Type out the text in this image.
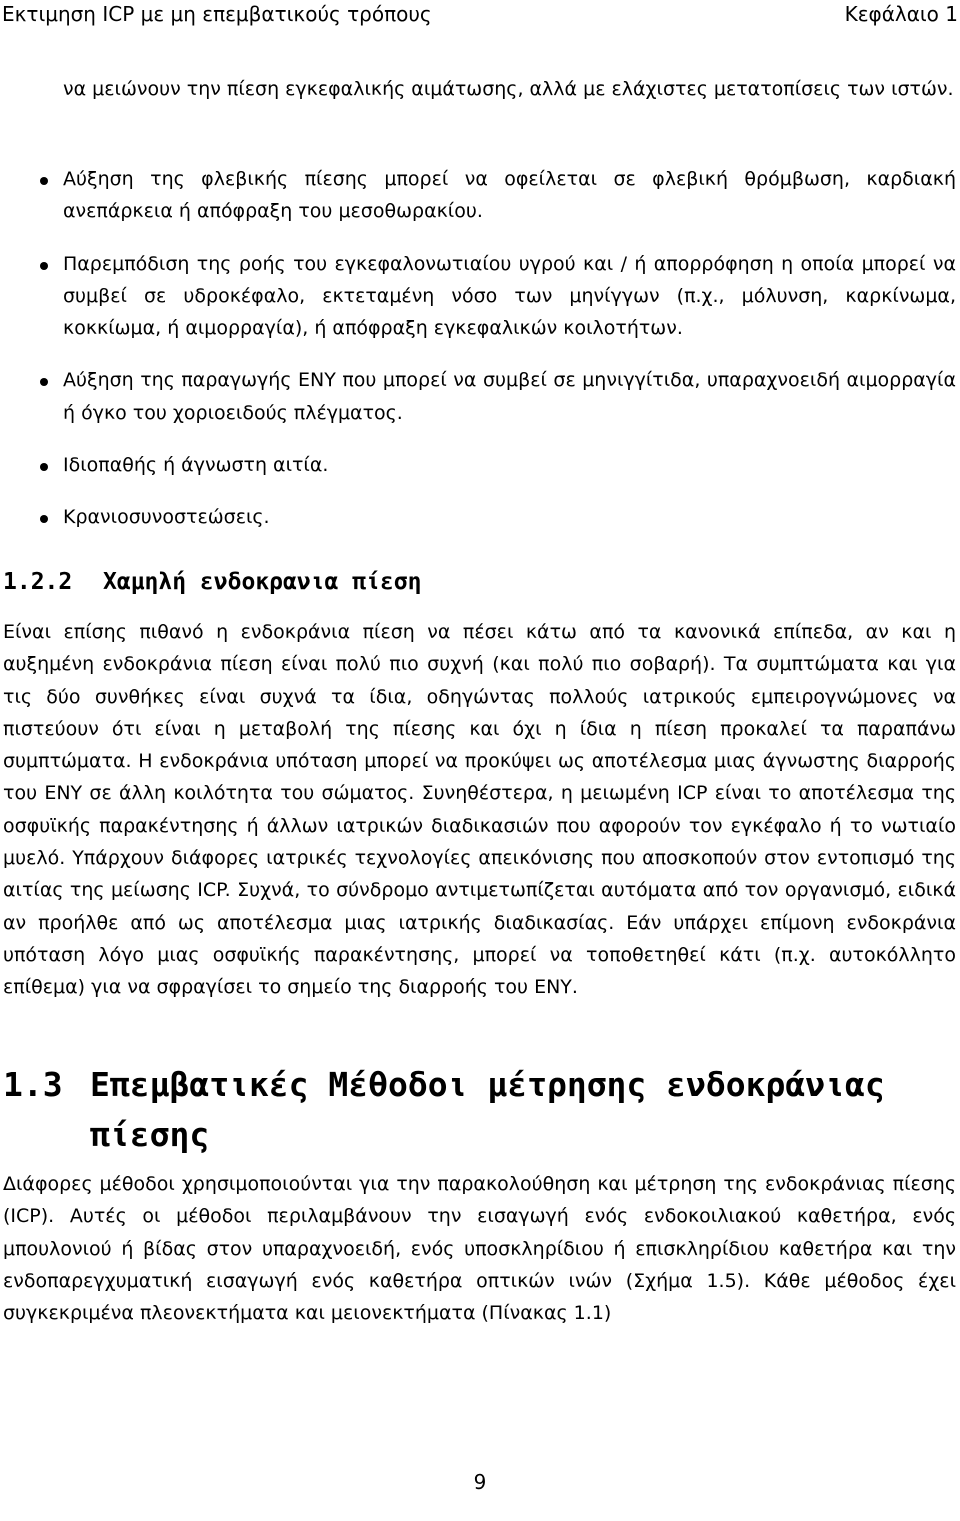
Εκτιμηση ICP με μη επεμβατικούς τρόπους	Κεφάλαιο 1

να μειώνουν την πίεση εγκεφαλικής αιμάτωσης, αλλά με ελάχιστες μετατοπίσεις των ιστών.

Αύξηση της φλεβικής πίεσης μπορεί να οφείλεται σε φλεβική θρόμβωση, καρδιακή ανεπάρκεια ή απόφραξη του μεσοθωρακίου.
Παρεμπόδιση της ροής του εγκεφαλονωτιαίου υγρού και / ή απορρόφηση η οποία μπορεί να συμβεί σε υδροκέφαλο, εκτεταμένη νόσο των μηνίγγων (π.χ., μόλυνση, καρκίνωμα, κοκκίωμα, ή αιμορραγία), ή απόφραξη εγκεφαλικών κοιλοτήτων.
Αύξηση της παραγωγής ΕΝΥ που μπορεί να συμβεί σε μηνιγγίτιδα, υπαραχνοειδή αιμορραγία ή όγκο του χοριοειδούς πλέγματος.
Ιδιοπαθής ή άγνωστη αιτία.
Κρανιοσυνοστεώσεις.
1.2.2 Χαμηλή ενδοκρανια πίεση

Είναι επίσης πιθανό η ενδοκράνια πίεση να πέσει κάτω από τα κανονικά επίπεδα, αν και η αυξημένη ενδοκράνια πίεση είναι πολύ πιο συχνή (και πολύ πιο σοβαρή). Τα συμπτώματα και για τις δύο συνθήκες είναι συχνά τα ίδια, οδηγώντας πολλούς ιατρικούς εμπειρογνώμονες να πιστεύουν ότι είναι η μεταβολή της πίεσης και όχι η ίδια η πίεση προκαλεί τα παραπάνω συμπτώματα. Η ενδοκράνια υπόταση μπορεί να προκύψει ως αποτέλεσμα μιας άγνωστης διαρροής του ΕΝΥ σε άλλη κοιλότητα του σώματος. Συνηθέστερα, η μειωμένη ICP είναι το αποτέλεσμα της οσφυϊκής παρακέντησης ή άλλων ιατρικών διαδικασιών που αφορούν τον εγκέφαλο ή το νωτιαίο μυελό. Υπάρχουν διάφορες ιατρικές τεχνολογίες απεικόνισης που αποσκοπούν στον εντοπισμό της αιτίας της μείωσης ICP. Συχνά, το σύνδρομο αντιμετωπίζεται αυτόματα από τον οργανισμό, ειδικά αν προήλθε από ως αποτέλεσμα μιας ιατρικής διαδικασίας. Εάν υπάρχει επίμονη ενδοκράνια υπόταση λόγο μιας οσφυϊκής παρακέντησης, μπορεί να τοποθετηθεί κάτι (π.χ. αυτοκόλλητο επίθεμα) για να σφραγίσει το σημείο της διαρροής του ΕΝΥ.

1.3 Επεμβατικές Μέθοδοι μέτρησης ενδοκράνιας πίεσης

Διάφορες μέθοδοι χρησιμοποιούνται για την παρακολούθηση και μέτρηση της ενδοκράνιας πίεσης (ICP). Αυτές οι μέθοδοι περιλαμβάνουν την εισαγωγή ενός ενδοκοιλιακού καθετήρα, ενός μπουλονιού ή βίδας στον υπαραχνοειδή, ενός υποσκληρίδιου ή επισκληρίδιου καθετήρα και την ενδοπαρεγχυματική εισαγωγή ενός καθετήρα οπτικών ινών (Σχήμα 1.5). Κάθε μέθοδος έχει συγκεκριμένα πλεονεκτήματα και μειονεκτήματα (Πίνακας 1.1)

9
